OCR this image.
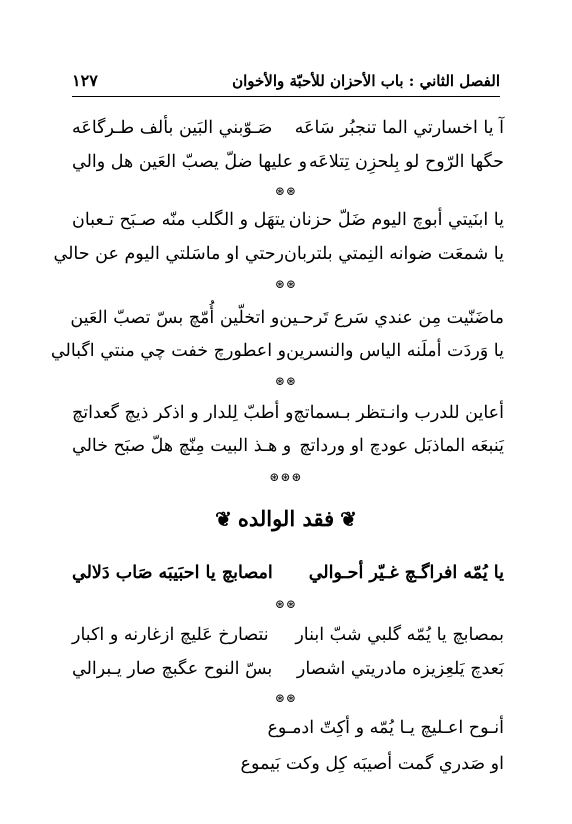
الفصل الثاني : باب الأحزان للأحبّة والأخوان
١٢٧
آ يا اخسارتي الما تنجبُر سَاعَه
صَـوّبني البَين بألف طـرگاعَه
حگها الرّوح لو بِلحزِن تِتلاعَه
و عليها ضلّ يصبّ العَين هل والي
⊛⊛
يا ابنَيتي أبوچ اليوم ضَلّ حزنان
يتهَل و الگلب منّه صـبَح تـعبان
يا شمعَت ضوانه النِمتي بلتربان
رحتي او ماسَلتي اليوم عن حالي
⊛⊛
ماضَنّيت مِن عندي سَرع تَرحـين
و اتخلّين أُمّچ بسّ تصبّ العَين
يا وَردَت أملَنه الياس والنسرين
و اعطورچ خفت چي منتي اگبالي
⊛⊛
أعاين للدرب وانـتظر بـسماتچ
و أطبّ لِلدار و اذكر ذيچ گعداتچ
يَنبعَه الماذبَل عودچ او ورداتچ
و هـذ البيت مِنّچ هلّ صبَح خالي
⊛⊛⊛
❦فقد الوالده❦
يا يُمّه افراگـچ غـيّر أحـوالي
امصابچ يا احبَيبَه صَاب دَلالي
⊛⊛
بمصابچ يا يُمّه گلبي شبّ ابنار
نتصارخ عَليچ ازغارنه و اكبار
بَعدچ يَلعِزيزه مادريتي اشصار
بسّ النوح عگبچ صار يـبرالي
⊛⊛
أنـوح اعـليچ يـا يُمّه و أكِتّ ادمـوع
او صَدري گمت أصيبَه كِل وكت بَيموع
